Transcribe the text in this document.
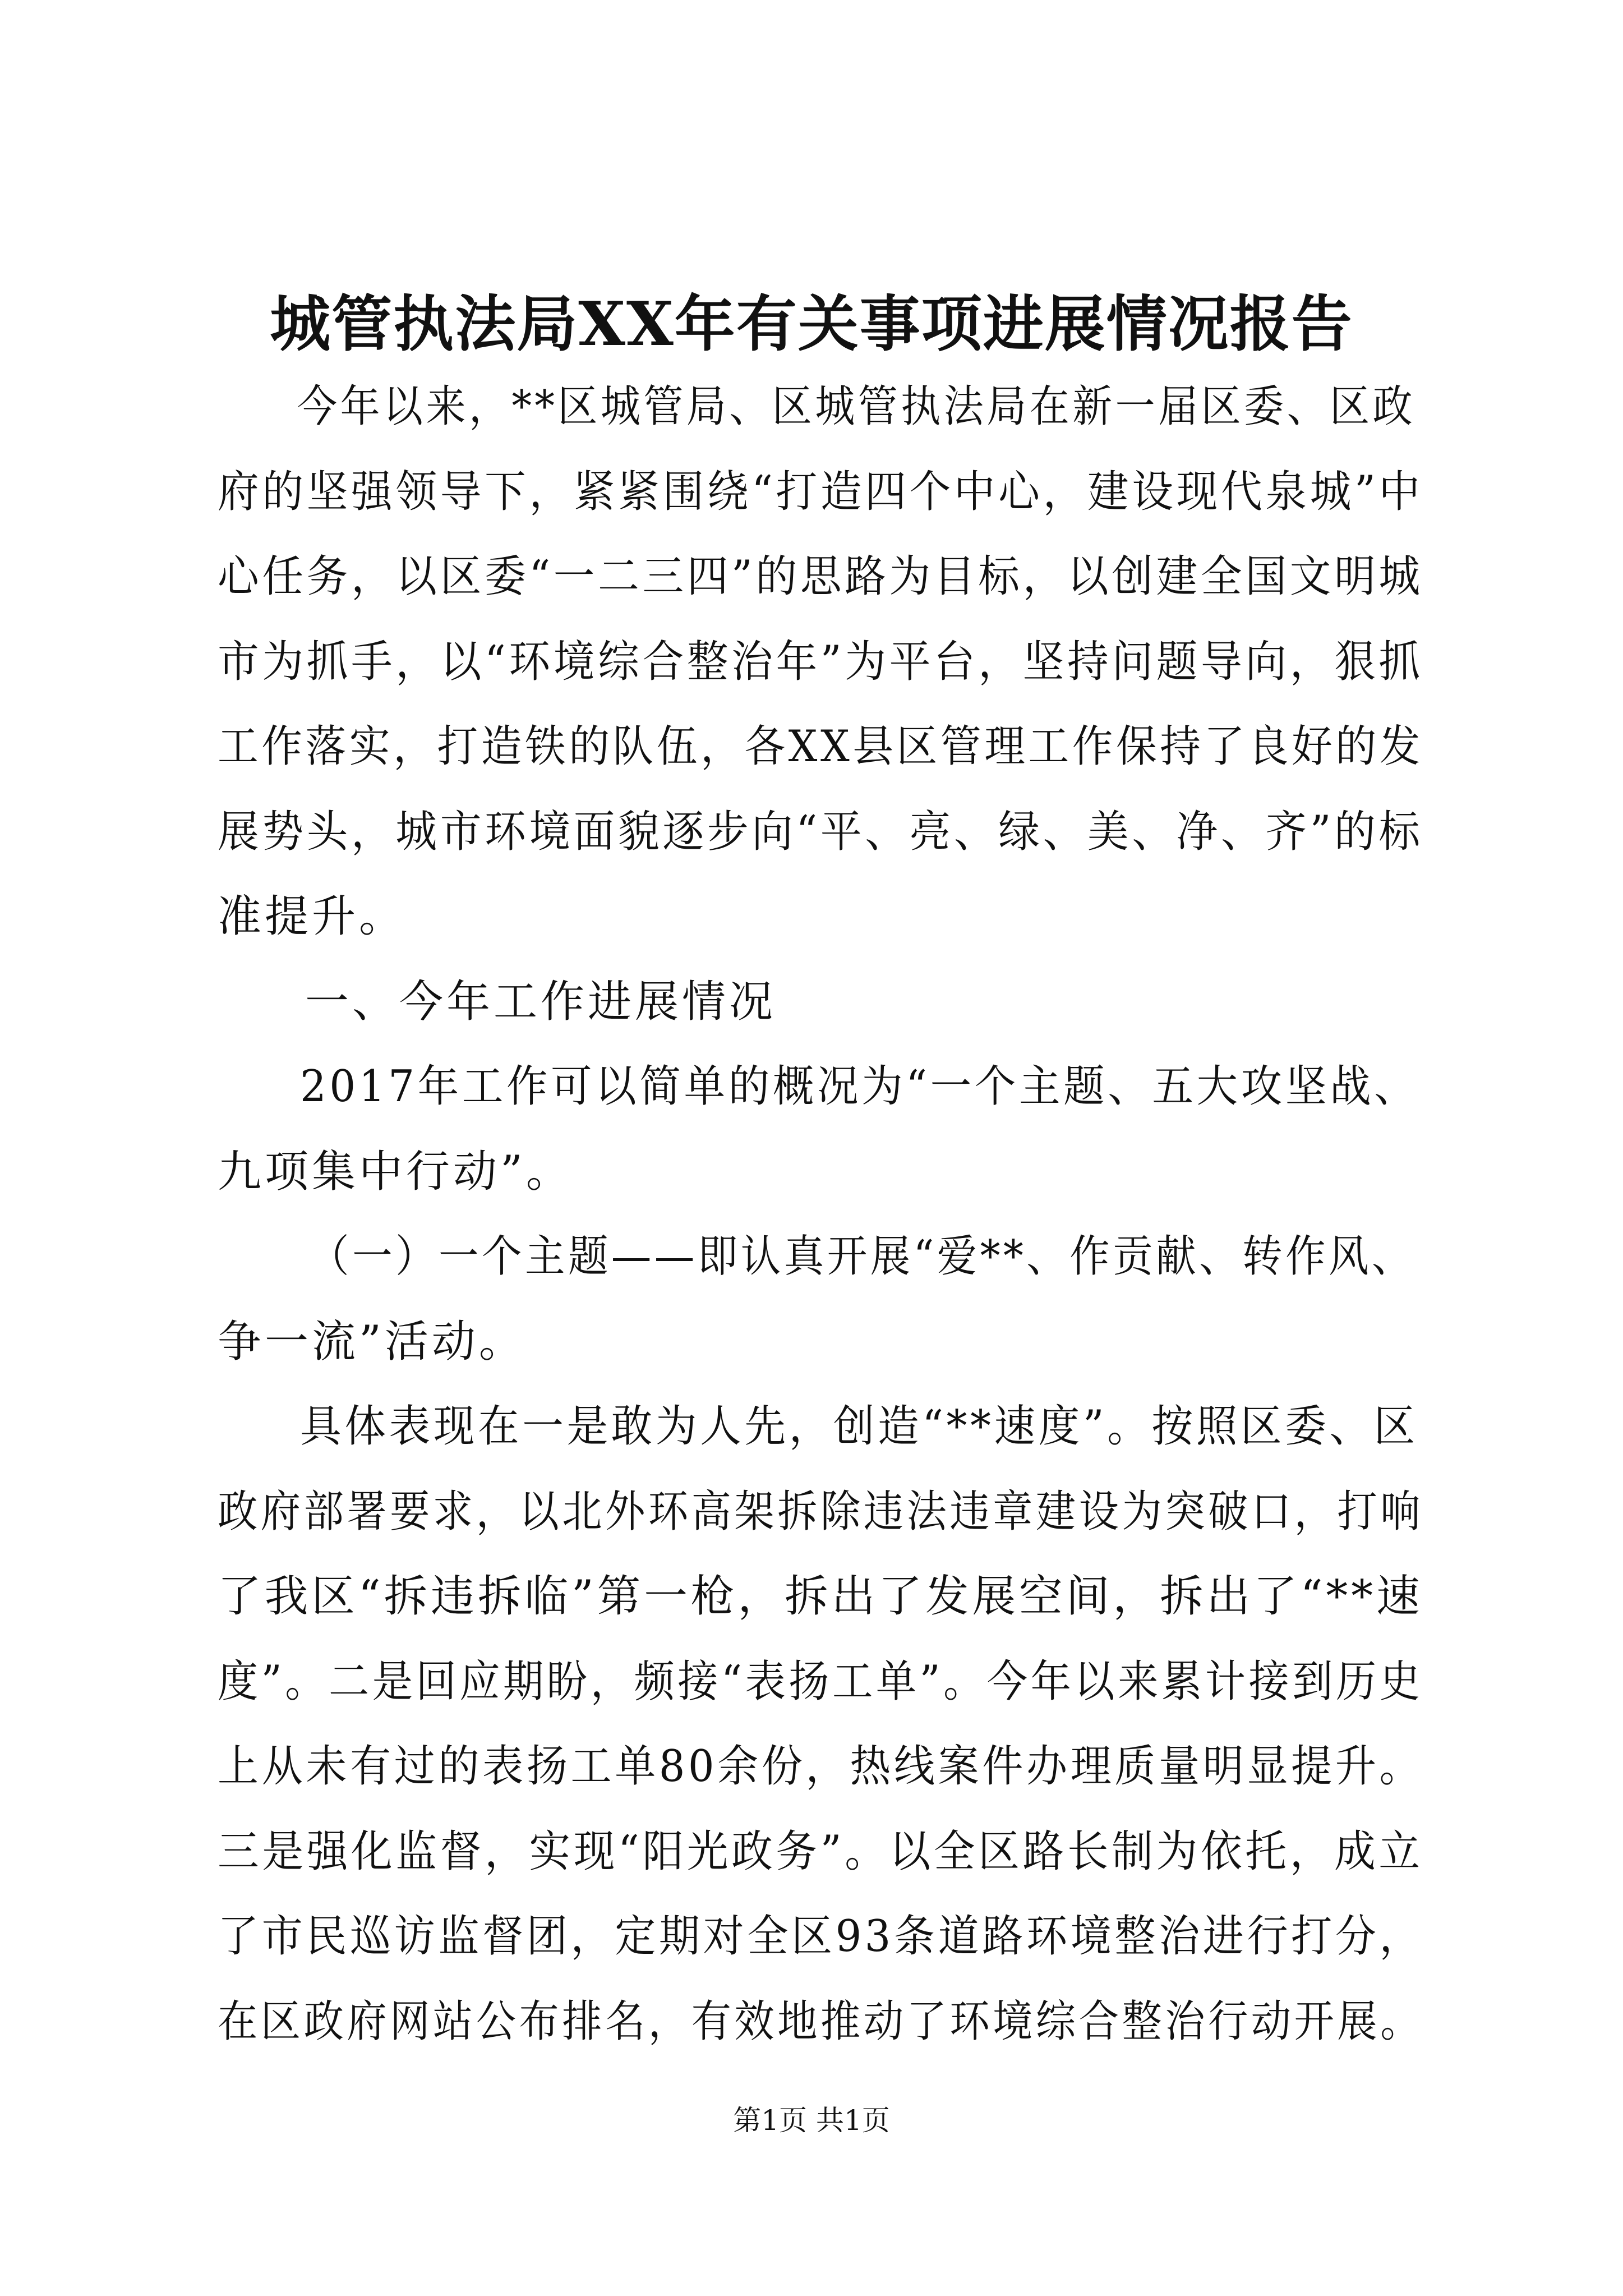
城管执法局XX年有关事项进展情况报告
今年以来，**区城管局、区城管执法局在新一届区委、区政
府的坚强领导下，紧紧围绕“打造四个中心，建设现代泉城”中
心任务，以区委“一二三四”的思路为目标，以创建全国文明城
市为抓手，以“环境综合整治年”为平台，坚持问题导向，狠抓
工作落实，打造铁的队伍，各XX县区管理工作保持了良好的发
展势头，城市环境面貌逐步向“平、亮、绿、美、净、齐”的标
准提升。
一、今年工作进展情况
2017年工作可以简单的概况为“一个主题、五大攻坚战、
九项集中行动”。
（一）一个主题——即认真开展“爱**、作贡献、转作风、
争一流”活动。
具体表现在一是敢为人先，创造“**速度”。按照区委、区
政府部署要求，以北外环高架拆除违法违章建设为突破口，打响
了我区“拆违拆临”第一枪，拆出了发展空间，拆出了“**速
度”。二是回应期盼，频接“表扬工单”。今年以来累计接到历史
上从未有过的表扬工单80余份，热线案件办理质量明显提升。
三是强化监督，实现“阳光政务”。以全区路长制为依托，成立
了市民巡访监督团，定期对全区93条道路环境整治进行打分，
在区政府网站公布排名，有效地推动了环境综合整治行动开展。
第1页 共1页
